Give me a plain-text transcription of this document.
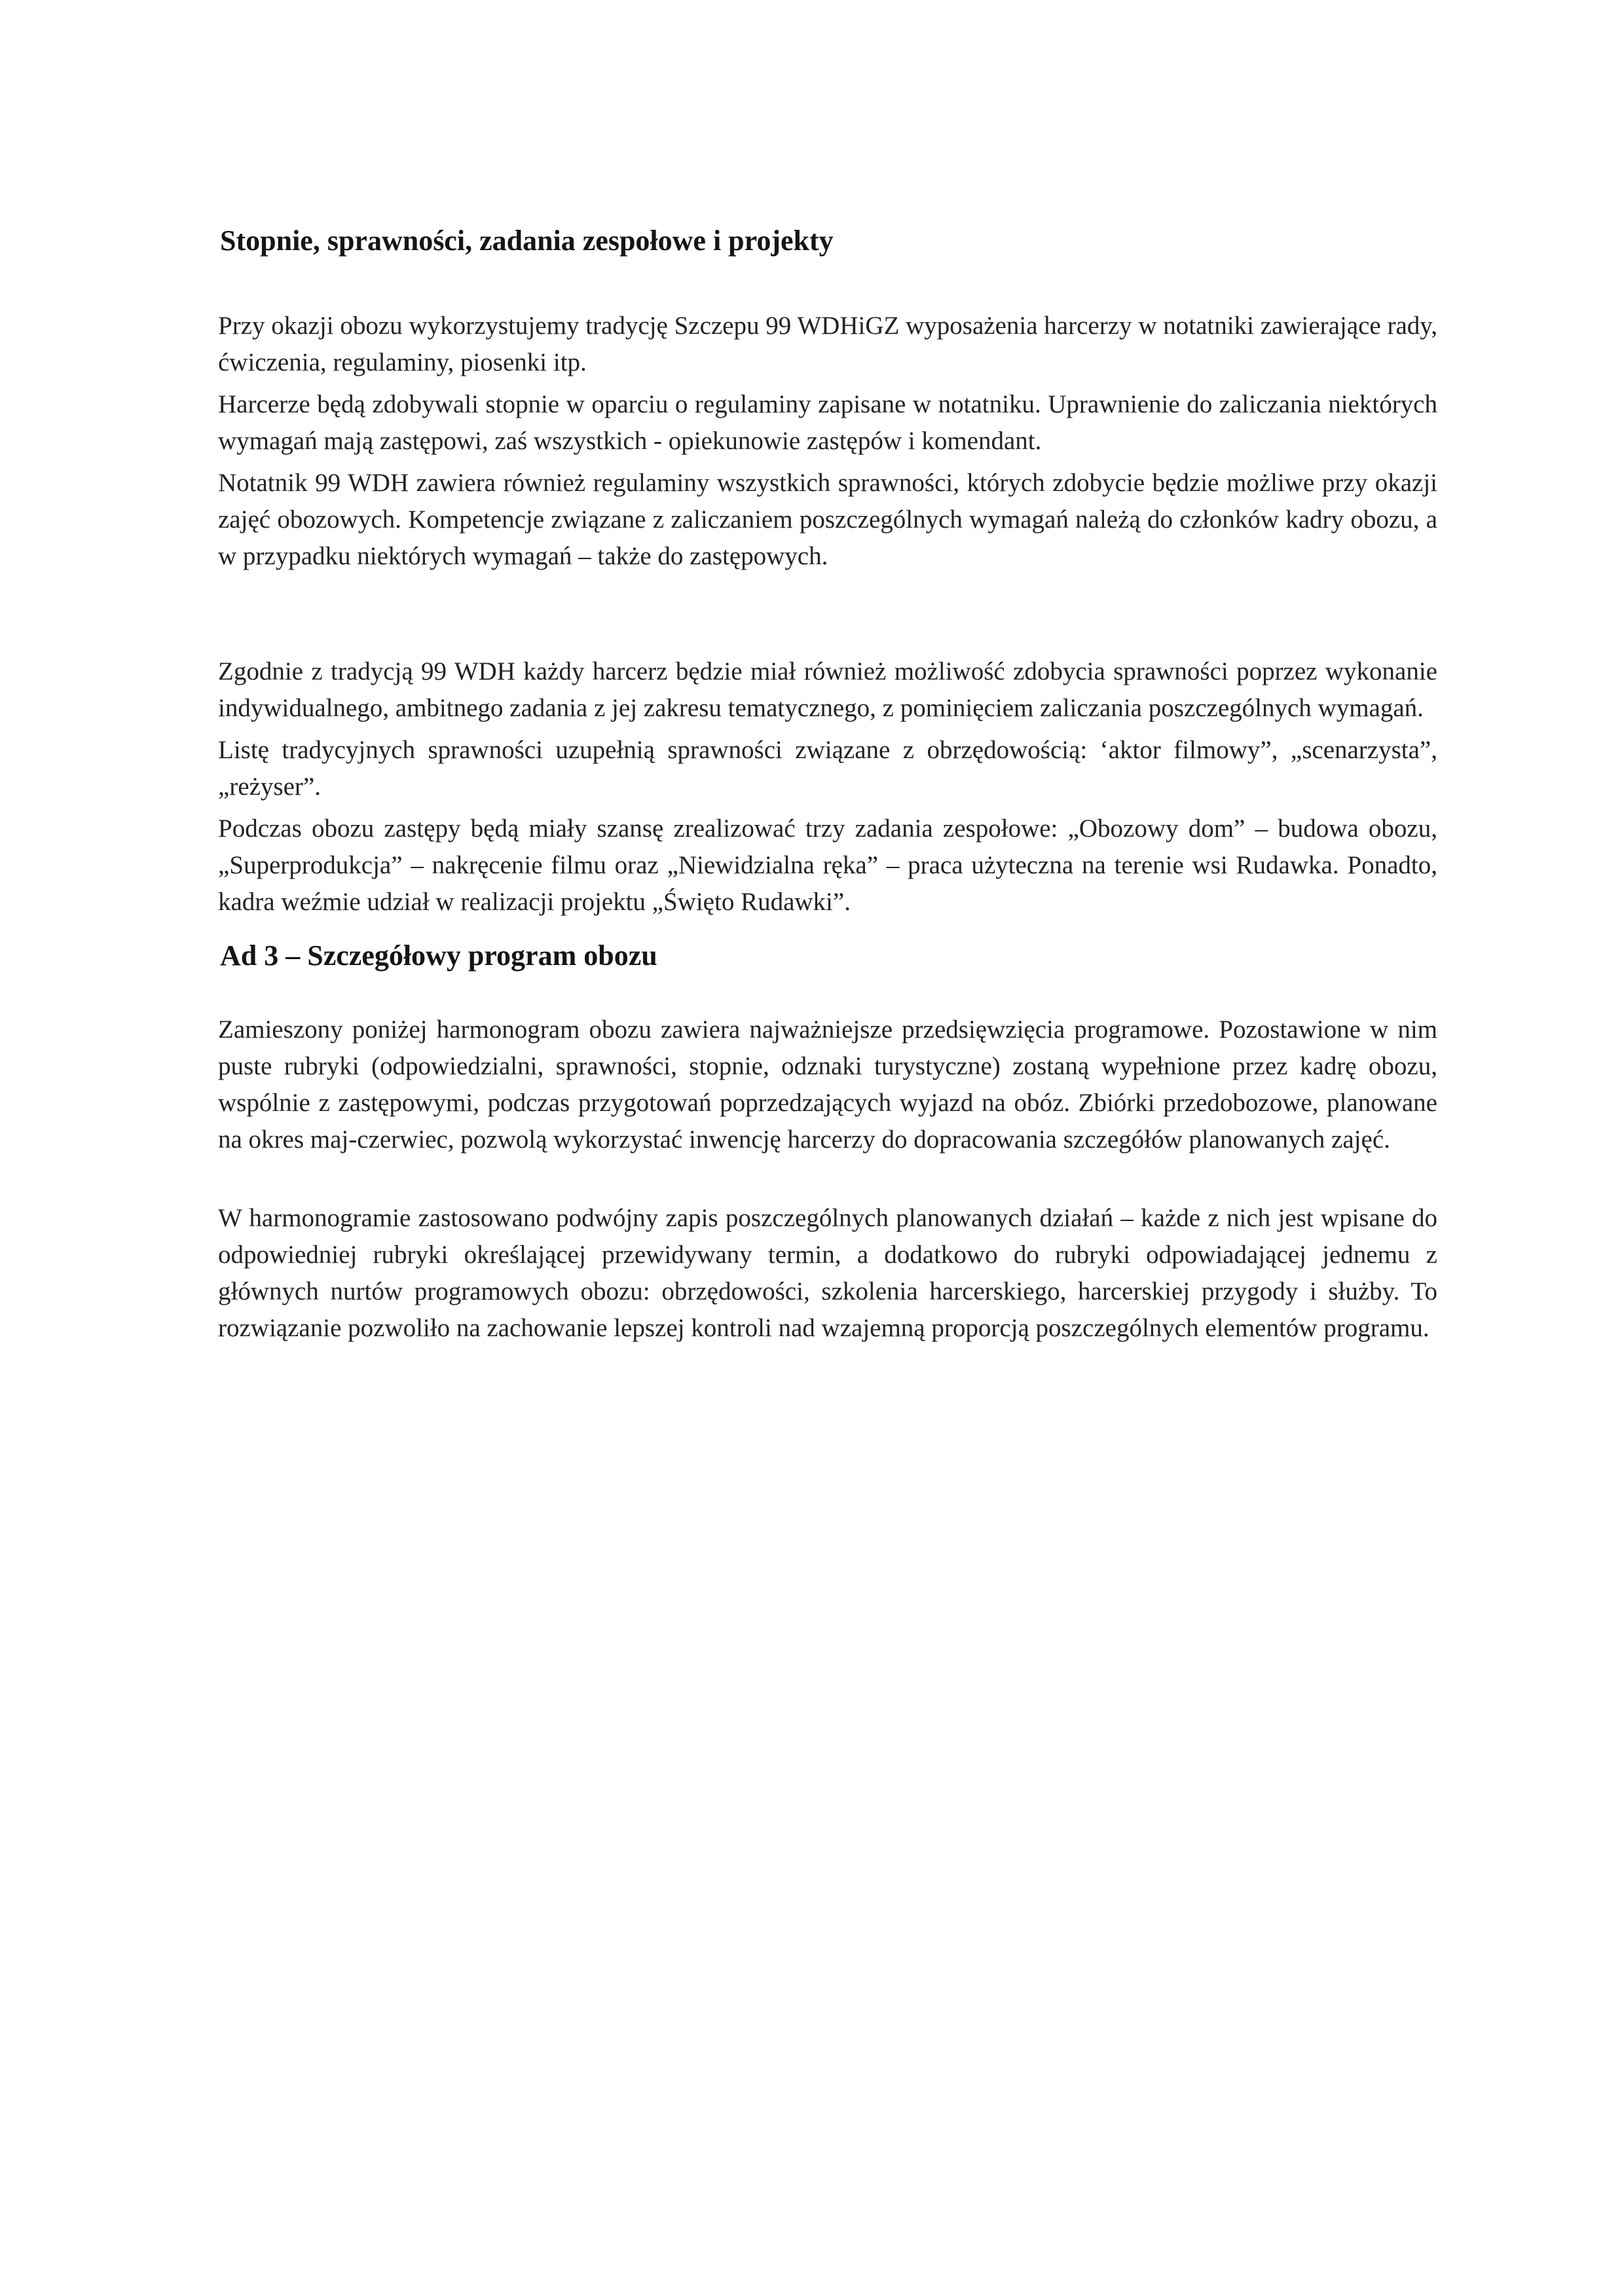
Stopnie, sprawności, zadania zespołowe i projekty

Przy okazji obozu wykorzystujemy tradycję Szczepu 99 WDHiGZ wyposażenia harcerzy w notatniki zawierające rady, ćwiczenia, regulaminy, piosenki itp.

Harcerze będą zdobywali stopnie w oparciu o regulaminy zapisane w notatniku. Uprawnienie do zaliczania niektórych wymagań mają zastępowi, zaś wszystkich - opiekunowie zastępów i komendant.

Notatnik 99 WDH zawiera również regulaminy wszystkich sprawności, których zdobycie będzie możliwe przy okazji zajęć obozowych. Kompetencje związane z zaliczaniem poszczególnych wymagań należą do członków kadry obozu, a w przypadku niektórych wymagań – także do zastępowych.

Zgodnie z tradycją 99 WDH każdy harcerz będzie miał również możliwość zdobycia sprawności poprzez wykonanie indywidualnego, ambitnego zadania z jej zakresu tematycznego, z pominięciem zaliczania poszczególnych wymagań.

Listę tradycyjnych sprawności uzupełnią sprawności związane z obrzędowością: ‘aktor filmowy”, „scenarzysta”, „reżyser”.

Podczas obozu zastępy będą miały szansę zrealizować trzy zadania zespołowe: „Obozowy dom” – budowa obozu, „Superprodukcja” – nakręcenie filmu oraz „Niewidzialna ręka” – praca użyteczna na terenie wsi Rudawka. Ponadto, kadra weźmie udział w realizacji projektu „Święto Rudawki”.

Ad 3 – Szczegółowy program obozu

Zamieszony poniżej harmonogram obozu zawiera najważniejsze przedsięwzięcia programowe. Pozostawione w nim puste rubryki (odpowiedzialni, sprawności, stopnie, odznaki turystyczne) zostaną wypełnione przez kadrę obozu, wspólnie z zastępowymi, podczas przygotowań poprzedzających wyjazd na obóz. Zbiórki przedobozowe, planowane na okres maj-czerwiec, pozwolą wykorzystać inwencję harcerzy do dopracowania szczegółów planowanych zajęć.

W harmonogramie zastosowano podwójny zapis poszczególnych planowanych działań – każde z nich jest wpisane do odpowiedniej rubryki określającej przewidywany termin, a dodatkowo do rubryki odpowiadającej jednemu z głównych nurtów programowych obozu: obrzędowości, szkolenia harcerskiego, harcerskiej przygody i służby. To rozwiązanie pozwoliło na zachowanie lepszej kontroli nad wzajemną proporcją poszczególnych elementów programu.
